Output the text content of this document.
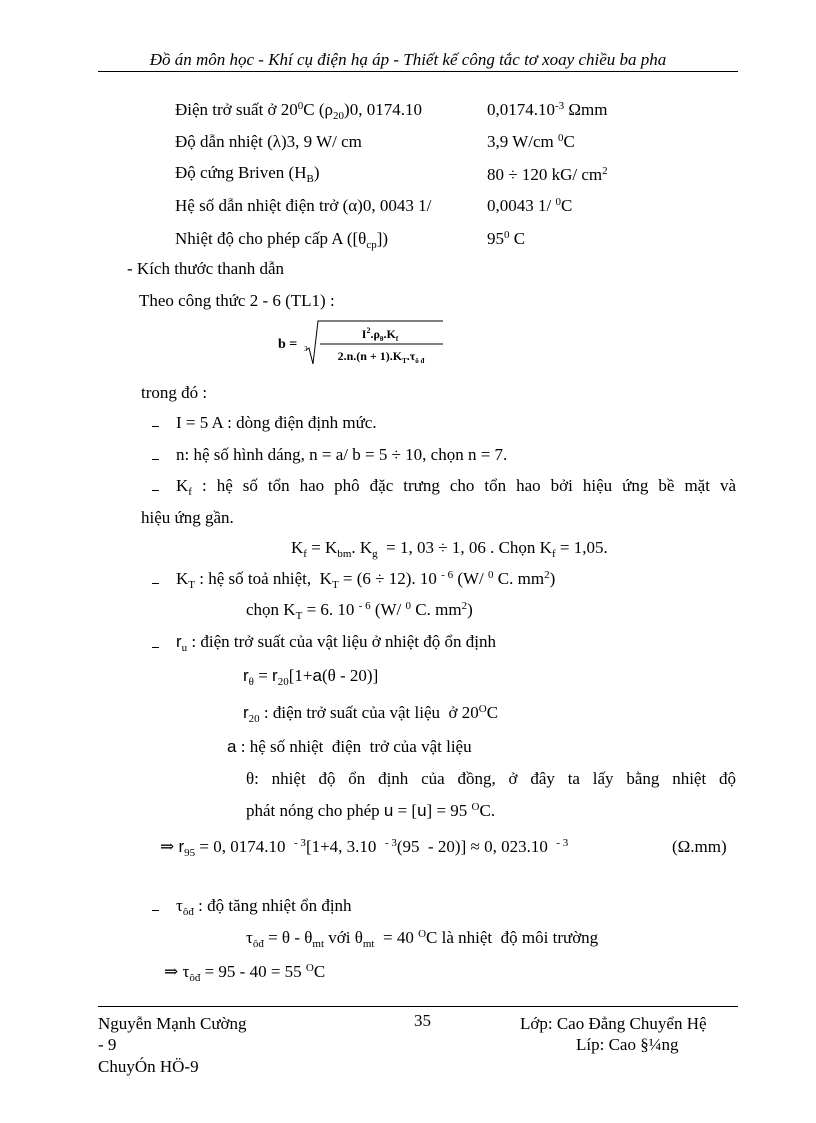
Đồ án môn học - Khí cụ điện hạ áp - Thiết kế công tắc tơ xoay chiều ba pha
Điện trở suất ở $20^0C$ $(\rho_{20})0$, 0174.10	$0,0174.10^{-3}$ Ωmm
Độ dẫn nhiệt (λ)3, 9 W/ cm	3,9 W/cm $^0$C
Độ cứng Briven $(H_B)$	80 ÷ 120 kG/ $cm^2$
Hệ số dẫn nhiệt điện trở (α)0, 0043 1/	0,0043 1/ $^0$C
Nhiệt độ cho phép cấp A $([\theta_{cp}])$	$95^0$ C
- Kích thước thanh dẫn
Theo công thức 2 - 6 (TL1) :
b = 3
$I^2.\rho_\theta.K_f$
$2.n.(n + 1).K_T.\tau_{ô đ}$
trong đó :
I = 5 A : dòng điện định mức.
n: hệ số hình dáng, n = a/ b = 5 ÷ 10, chọn n = 7.
$K_f$ : hệ số tổn hao phô đặc trưng cho tổn hao bởi hiệu ứng bề mặt và
hiệu ứng gần.
$K_f = K_{bm}$. $K_g = 1$, 03 ÷ 1, 06 . Chọn $K_f = 1,05$.
$K_T$ : hệ số toả nhiệt,  $K_T = (6 \div 12)$. 10 $^{- 6}$ (W/ $^0$ C. $mm^2$)
chọn $K_T = 6$. 10 $^{- 6}$ (W/ $^0$ C. $mm^2$)
$r_u$ : điện trở suất của vật liệu ở nhiệt độ ổn định
$r_\theta = r_{20}[1+a(\theta - 20)]$
$r_{20}$ : điện trở suất của vật liệu  ở $20^OC$
a : hệ số nhiệt  điện  trở của vật liệu
θ: nhiệt độ ổn định của đồng, ở đây ta lấy bằng nhiệt độ
phát nóng cho phép u = [u] = 95 $^O$C.
⇒ $r_{95} = 0$, 0174.10  $^{- 3}$[1+4, 3.10  $^{- 3}$(95  - 20)] ≈ 0, 023.10  $^{- 3}$	(Ω.mm)
$\tau_{ôđ}$ : độ tăng nhiệt ổn định
$\tau_{ôđ} = \theta - \theta_{mt}$ với $\theta_{mt} = 40$ $^O$C là nhiệt  độ môi trường
⇒ $\tau_{ôđ} = 95 - 40 = 55$ $^O$C
Nguyễn Mạnh Cường
- 9
ChuyÓn HÖ-9
35	Lớp: Cao Đẳng Chuyển Hệ
Líp: Cao §¼ng
